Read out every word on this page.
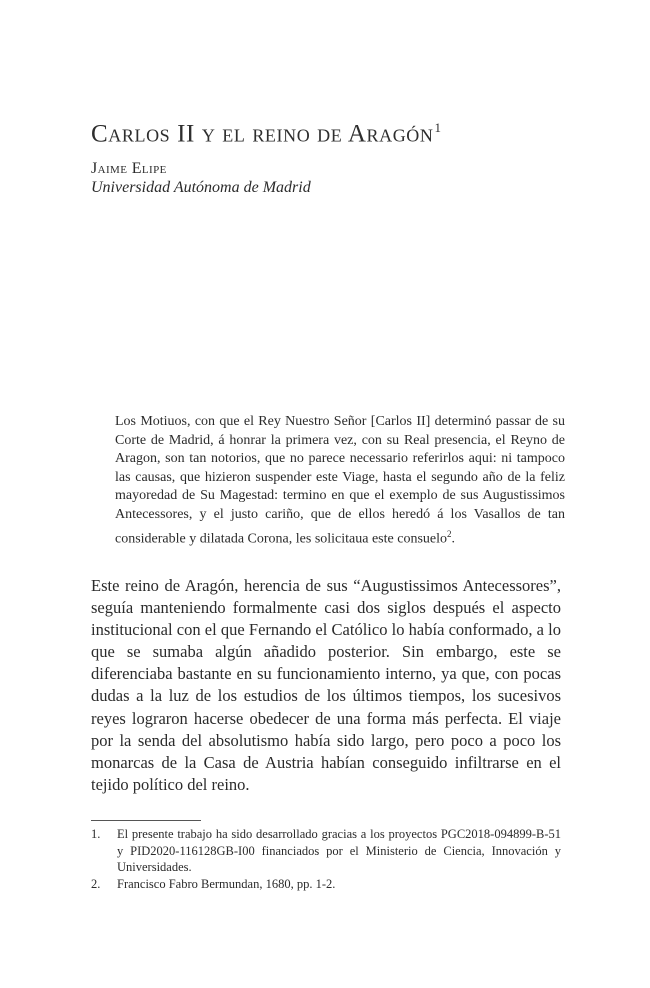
Carlos II y el reino de Aragón$^1$
Jaime Elipe
Universidad Autónoma de Madrid

Los Motiuos, con que el Rey Nuestro Señor [Carlos II] determinó passar de su Corte de Madrid, á honrar la primera vez, con su Real presencia, el Reyno de Aragon, son tan notorios, que no parece necessario referirlos aqui: ni tampoco las causas, que hizieron suspender este Viage, hasta el segundo año de la feliz mayoredad de Su Magestad: termino en que el exemplo de sus Augustissimos Antecessores, y el justo cariño, que de ellos heredó á los Vasallos de tan considerable y dilatada Corona, les solicitaua este consuelo$^2$.

Este reino de Aragón, herencia de sus “Augustissimos Antecessores”, seguía manteniendo formalmente casi dos siglos después el aspecto institucional con el que Fernando el Católico lo había conformado, a lo que se sumaba algún añadido posterior. Sin embargo, este se diferenciaba bastante en su funcionamiento interno, ya que, con pocas dudas a la luz de los estudios de los últimos tiempos, los sucesivos reyes lograron hacerse obedecer de una forma más perfecta. El viaje por la senda del absolutismo había sido largo, pero poco a poco los monarcas de la Casa de Austria habían conseguido infiltrarse en el tejido político del reino.

1. El presente trabajo ha sido desarrollado gracias a los proyectos PGC2018-094899-B-51 y PID2020-116128GB-I00 financiados por el Ministerio de Ciencia, Innovación y Universidades.
2. Francisco Fabro Bermundan, 1680, pp. 1-2.
